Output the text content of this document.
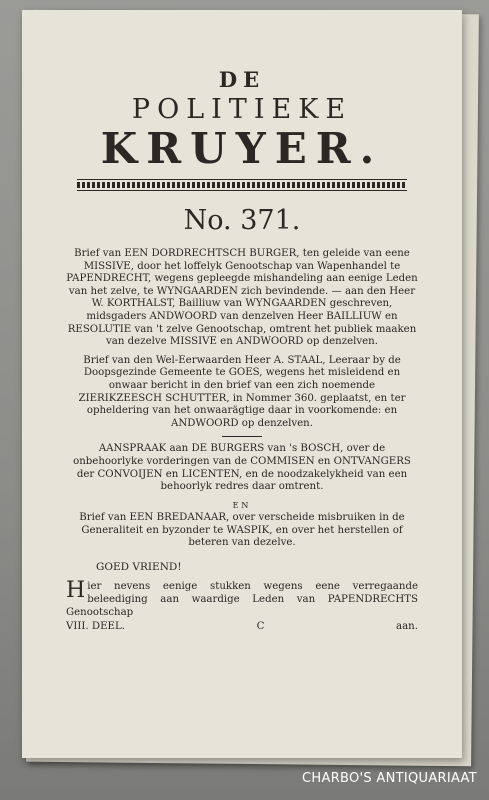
DE
POLITIEKE
KRUYER.
No. 371.

Brief van EEN DORDRECHTSCH BURGER, ten geleide van eene MISSIVE, door het loffelyk Genootschap van Wapenhandel te PAPENDRECHT, wegens gepleegde mishandeling aan eenige Leden van het zelve, te WYNGAARDEN zich bevindende. — aan den Heer W. KORTHALST, Bailliuw van WYNGAARDEN geschreven, midsgaders ANDWOORD van denzelven Heer BAILLIUW en RESOLUTIE van 't zelve Genootschap, omtrent het publiek maaken van dezelve MISSIVE en ANDWOORD op denzelven.

Brief van den Wel-Eerwaarden Heer A. STAAL, Leeraar by de Doopsgezinde Gemeente te GOES, wegens het misleidend en onwaar bericht in den brief van een zich noemende ZIERIKZEESCH SCHUTTER, in Nommer 360. geplaatst, en ter opheldering van het onwaarägtige daar in voorkomende: en ANDWOORD op denzelven.

AANSPRAAK aan DE BURGERS van 's BOSCH, over de onbehoorlyke vorderingen van de COMMISEN en ONTVANGERS der CONVOIJEN en LICENTEN, en de noodzakelykheid van een behoorlyk redres daar omtrent.

EN

Brief van EEN BREDANAAR, over verscheide misbruiken in de Generaliteit en byzonder te WASPIK, en over het herstellen of beteren van dezelve.

GOED VRIEND!
Hier nevens eenige stukken wegens eene verregaande beleediging aan waardige Leden van PAPENDRECHTS Genootschap
VIII. DEEL.	C	aan.
CHARBO'S ANTIQUARIAAT
